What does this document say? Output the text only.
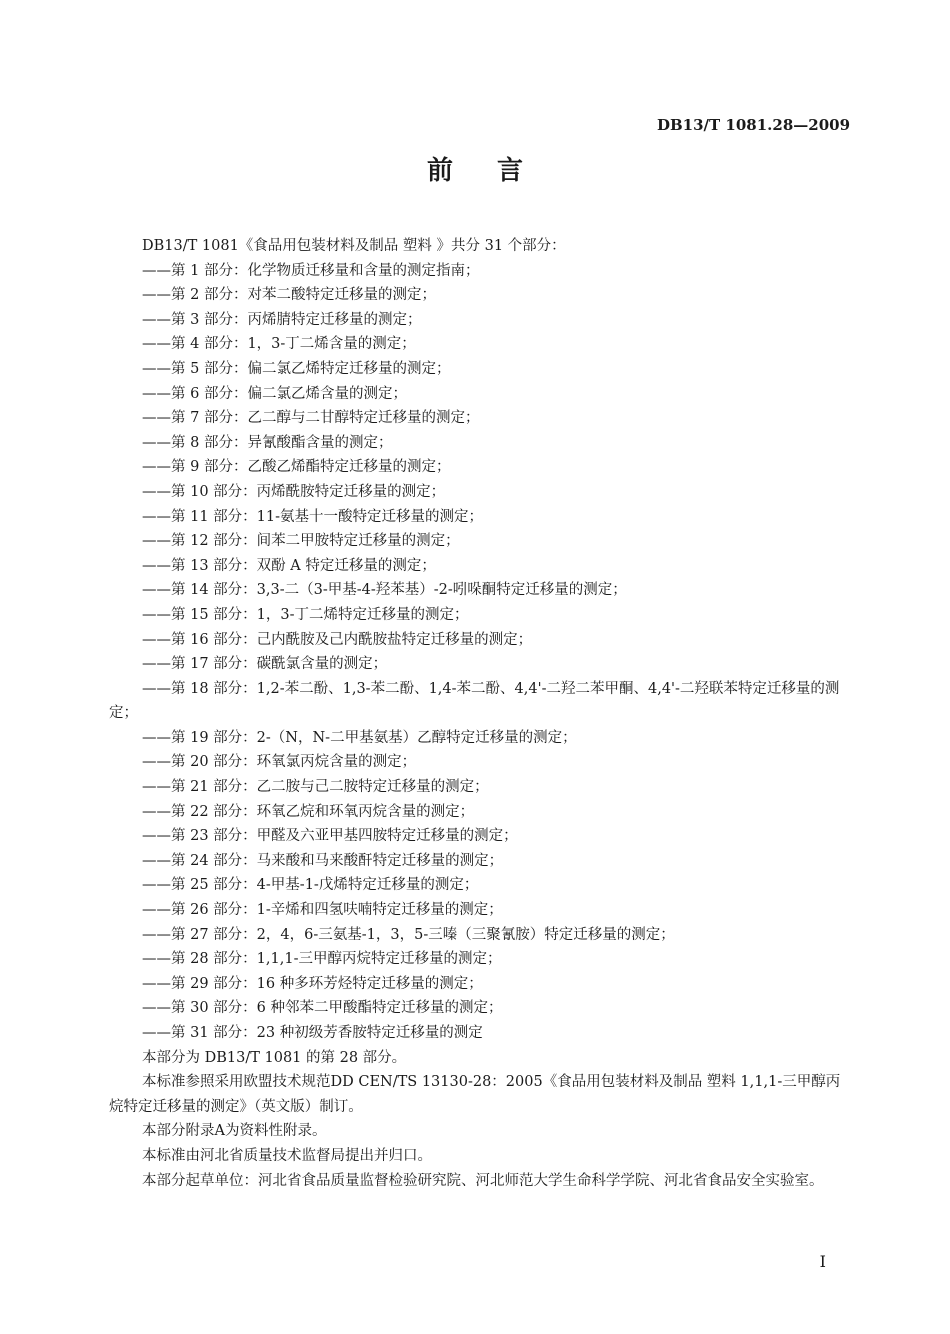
DB13/T 1081.28—2009
前言
DB13/T 1081《食品用包装材料及制品 塑料 》共分 31 个部分：
——第 1 部分：化学物质迁移量和含量的测定指南；
——第 2 部分：对苯二酸特定迁移量的测定；
——第 3 部分：丙烯腈特定迁移量的测定；
——第 4 部分：1，3-丁二烯含量的测定；
——第 5 部分：偏二氯乙烯特定迁移量的测定；
——第 6 部分：偏二氯乙烯含量的测定；
——第 7 部分：乙二醇与二甘醇特定迁移量的测定；
——第 8 部分：异氰酸酯含量的测定；
——第 9 部分：乙酸乙烯酯特定迁移量的测定；
——第 10 部分：丙烯酰胺特定迁移量的测定；
——第 11 部分：11-氨基十一酸特定迁移量的测定；
——第 12 部分：间苯二甲胺特定迁移量的测定；
——第 13 部分：双酚 A 特定迁移量的测定；
——第 14 部分：3,3-二（3-甲基-4-羟苯基）-2-吲哚酮特定迁移量的测定；
——第 15 部分：1，3-丁二烯特定迁移量的测定；
——第 16 部分：己内酰胺及己内酰胺盐特定迁移量的测定；
——第 17 部分：碳酰氯含量的测定；
——第 18 部分：1,2-苯二酚、1,3-苯二酚、1,4-苯二酚、4,4'-二羟二苯甲酮、4,4'-二羟联苯特定迁移量的测定；
——第 19 部分：2-（N，N-二甲基氨基）乙醇特定迁移量的测定；
——第 20 部分：环氧氯丙烷含量的测定；
——第 21 部分：乙二胺与己二胺特定迁移量的测定；
——第 22 部分：环氧乙烷和环氧丙烷含量的测定；
——第 23 部分：甲醛及六亚甲基四胺特定迁移量的测定；
——第 24 部分：马来酸和马来酸酐特定迁移量的测定；
——第 25 部分：4-甲基-1-戊烯特定迁移量的测定；
——第 26 部分：1-辛烯和四氢呋喃特定迁移量的测定；
——第 27 部分：2，4，6-三氨基-1，3，5-三嗪（三聚氰胺）特定迁移量的测定；
——第 28 部分：1,1,1-三甲醇丙烷特定迁移量的测定；
——第 29 部分：16 种多环芳烃特定迁移量的测定；
——第 30 部分：6 种邻苯二甲酸酯特定迁移量的测定；
——第 31 部分：23 种初级芳香胺特定迁移量的测定
本部分为 DB13/T 1081 的第 28 部分。
本标准参照采用欧盟技术规范DD CEN/TS 13130-28：2005《食品用包装材料及制品 塑料 1,1,1-三甲醇丙烷特定迁移量的测定》（英文版）制订。
本部分附录A为资料性附录。
本标准由河北省质量技术监督局提出并归口。
本部分起草单位：河北省食品质量监督检验研究院、河北师范大学生命科学学院、河北省食品安全实验室。
I
